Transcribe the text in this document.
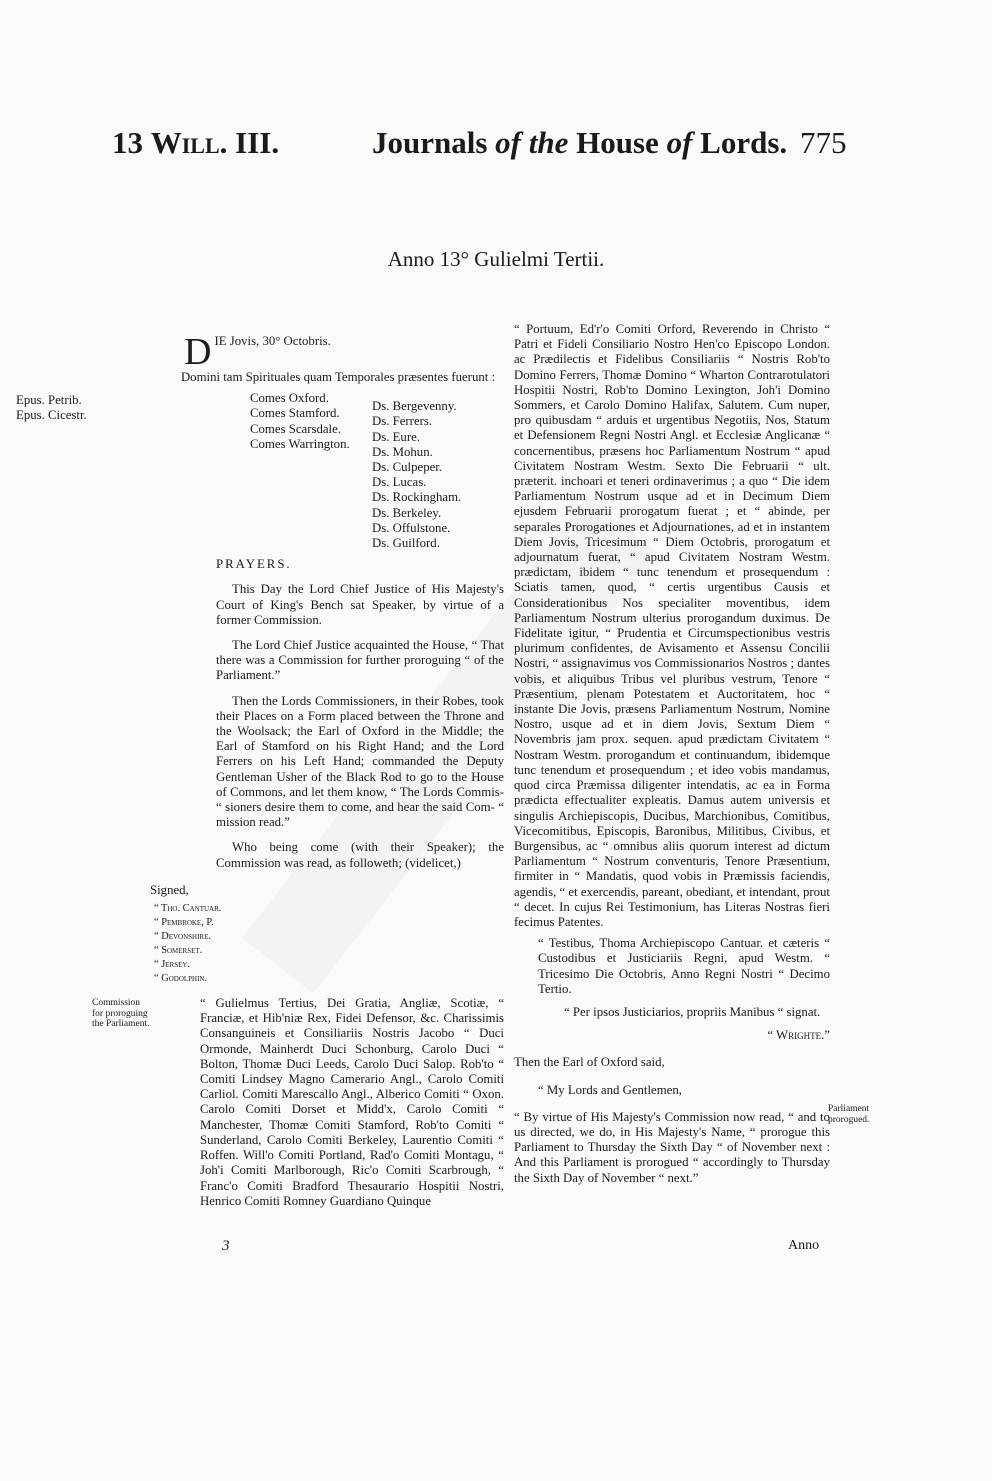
13 Will. III.	Journals of the House of Lords. 775
Anno 13° Gulielmi Tertii.
D IE Jovis, 30° Octobris.
Domini tam Spirituales quam Temporales præsentes fuerunt :
Epus. Petrib.
Epus. Cicestr.
Comes Oxford.
Comes Stamford.
Comes Scarsdale.
Comes Warrington.
Ds. Bergevenny.
Ds. Ferrers.
Ds. Eure.
Ds. Mohun.
Ds. Culpeper.
Ds. Lucas.
Ds. Rockingham.
Ds. Berkeley.
Ds. Offulstone.
Ds. Guilford.
PRAYERS.
This Day the Lord Chief Justice of His Majesty's Court of King's Bench sat Speaker, by virtue of a former Commission.
The Lord Chief Justice acquainted the House, “ That there was a Commission for further proroguing “ of the Parliament.”
Then the Lords Commissioners, in their Robes, took their Places on a Form placed between the Throne and the Woolsack; the Earl of Oxford in the Middle; the Earl of Stamford on his Right Hand; and the Lord Ferrers on his Left Hand; commanded the Deputy Gentleman Usher of the Black Rod to go to the House of Commons, and let them know, “ The Lords Commis- “ sioners desire them to come, and hear the said Com- “ mission read.”
Who being come (with their Speaker); the Commission was read, as followeth; (videlicet,)
Signed,
“ Tho. Cantuar.
“ Pembroke, P.
“ Devonshire.
“ Somerset.
“ Jersey.
“ Godolphin.
Commission for proroguing the Parliament.
“ Gulielmus Tertius, Dei Gratia, Angliæ, Scotiæ, “ Franciæ, et Hib'niæ Rex, Fidei Defensor, &c. Charissimis Consanguineis et Consiliariis Nostris Jacobo “ Duci Ormonde, Mainherdt Duci Schonburg, Carolo Duci “ Bolton, Thomæ Duci Leeds, Carolo Duci Salop. Rob'to “ Comiti Lindsey Magno Camerario Angl., Carolo Comiti Carliol. Comiti Marescallo Angl., Alberico Comiti “ Oxon. Carolo Comiti Dorset et Midd'x, Carolo Comiti “ Manchester, Thomæ Comiti Stamford, Rob'to Comiti “ Sunderland, Carolo Comiti Berkeley, Laurentio Comiti “ Roffen. Will'o Comiti Portland, Rad'o Comiti Montagu, “ Joh'i Comiti Marlborough, Ric'o Comiti Scarbrough, “ Franc'o Comiti Bradford Thesaurario Hospitii Nostri, Henrico Comiti Romney Guardiano Quinque
“ Portuum, Ed'r'o Comiti Orford, Reverendo in Christo “ Patri et Fideli Consiliario Nostro Hen'co Episcopo London. ac Prædilectis et Fidelibus Consiliariis “ Nostris Rob'to Domino Ferrers, Thomæ Domino “ Wharton Contrarotulatori Hospitii Nostri, Rob'to Domino Lexington, Joh'i Domino Sommers, et Carolo Domino Halifax, Salutem. Cum nuper, pro quibusdam “ arduis et urgentibus Negotiis, Nos, Statum et Defensionem Regni Nostri Angl. et Ecclesiæ Anglicanæ “ concernentibus, præsens hoc Parliamentum Nostrum “ apud Civitatem Nostram Westm. Sexto Die Februarii “ ult. præterit. inchoari et teneri ordinaverimus ; a quo “ Die idem Parliamentum Nostrum usque ad et in Decimum Diem ejusdem Februarii prorogatum fuerat ; et “ abinde, per separales Prorogationes et Adjournationes, ad et in instantem Diem Jovis, Tricesimum “ Diem Octobris, prorogatum et adjournatum fuerat, “ apud Civitatem Nostram Westm. prædictam, ibidem “ tunc tenendum et prosequendum : Sciatis tamen, quod, “ certis urgentibus Causis et Considerationibus Nos specialiter moventibus, idem Parliamentum Nostrum ulterius prorogandum duximus. De Fidelitate igitur, “ Prudentia et Circumspectionibus vestris plurimum confidentes, de Avisamento et Assensu Concilii Nostri, “ assignavimus vos Commissionarios Nostros ; dantes vobis, et aliquibus Tribus vel pluribus vestrum, Tenore “ Præsentium, plenam Potestatem et Auctoritatem, hoc “ instante Die Jovis, præsens Parliamentum Nostrum, Nomine Nostro, usque ad et in diem Jovis, Sextum Diem “ Novembris jam prox. sequen. apud prædictam Civitatem “ Nostram Westm. prorogandum et continuandum, ibidemque tunc tenendum et prosequendum ; et ideo vobis mandamus, quod circa Præmissa diligenter intendatis, ac ea in Forma prædicta effectualiter expleatis. Damus autem universis et singulis Archiepiscopis, Ducibus, Marchionibus, Comitibus, Vicecomitibus, Episcopis, Baronibus, Militibus, Civibus, et Burgensibus, ac “ omnibus aliis quorum interest ad dictum Parliamentum “ Nostrum conventuris, Tenore Præsentium, firmiter in “ Mandatis, quod vobis in Præmissis faciendis, agendis, “ et exercendis, pareant, obediant, et intendant, prout “ decet. In cujus Rei Testimonium, has Literas Nostras fieri fecimus Patentes.
“ Testibus, Thoma Archiepiscopo Cantuar. et cæteris “ Custodibus et Justiciariis Regni, apud Westm. “ Tricesimo Die Octobris, Anno Regni Nostri “ Decimo Tertio.
“ Per ipsos Justiciarios, propriis Manibus “ signat.
“ Wrighte.”
Then the Earl of Oxford said,
“ My Lords and Gentlemen,
“ By virtue of His Majesty's Commission now read, “ and to us directed, we do, in His Majesty's Name, “ prorogue this Parliament to Thursday the Sixth Day “ of November next : And this Parliament is prorogued “ accordingly to Thursday the Sixth Day of November “ next.”
Parliament prorogued.
3	Anno
